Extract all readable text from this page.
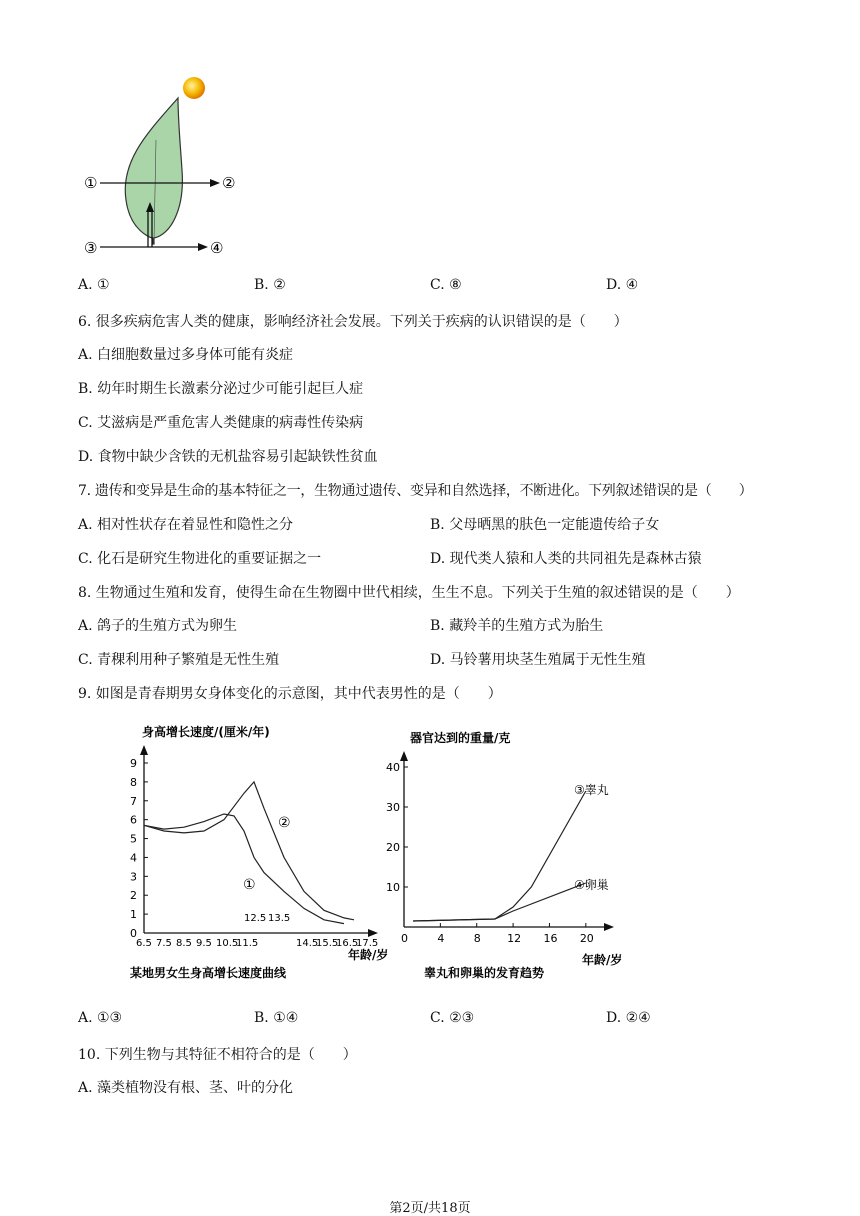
①	②
③	④
A. ①	B. ②	C. ⑧	D. ④
6. 很多疾病危害人类的健康，影响经济社会发展。下列关于疾病的认识错误的是（　　）
A. 白细胞数量过多身体可能有炎症
B. 幼年时期生长激素分泌过少可能引起巨人症
C. 艾滋病是严重危害人类健康的病毒性传染病
D. 食物中缺少含铁的无机盐容易引起缺铁性贫血
7. 遗传和变异是生命的基本特征之一，生物通过遗传、变异和自然选择，不断进化。下列叙述错误的是（　　）
A. 相对性状存在着显性和隐性之分	B. 父母晒黑的肤色一定能遗传给子女
C. 化石是研究生物进化的重要证据之一	D. 现代类人猿和人类的共同祖先是森林古猿
8. 生物通过生殖和发育，使得生命在生物圈中世代相续，生生不息。下列关于生殖的叙述错误的是（　　）
A. 鸽子的生殖方式为卵生	B. 藏羚羊的生殖方式为胎生
C. 青稞利用种子繁殖是无性生殖	D. 马铃薯用块茎生殖属于无性生殖
9. 如图是青春期男女身体变化的示意图，其中代表男性的是（　　）
身高增长速度/(厘米/年)
年龄/岁
某地男女生身高增长速度曲线
0
1
2
3
4
5
6
7
8
9
6.5 7.5 8.5 9.5 10.5
11.5	14.5
15.5
16.5
17.5
12.5 13.5
①
②
器官达到的重量/克
年龄/岁
睾丸和卵巢的发育趋势
10
20
30
40
0	4	8 12 16 20
③睾丸
④卵巢
A. ①③	B. ①④	C. ②③	D. ②④
10. 下列生物与其特征不相符合的是（　　）
A. 藻类植物没有根、茎、叶的分化
第2页/共18页
